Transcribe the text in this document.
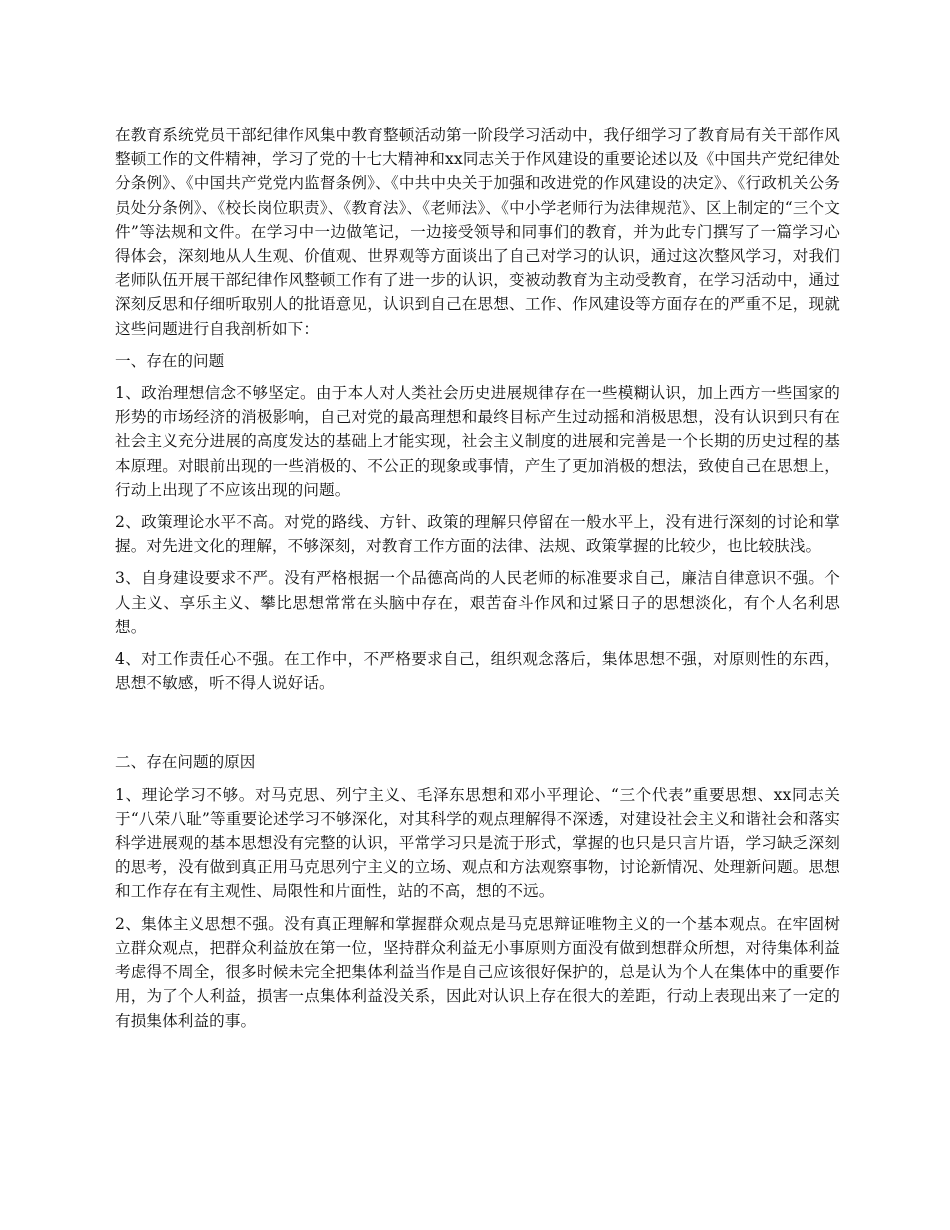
在教育系统党员干部纪律作风集中教育整顿活动第一阶段学习活动中，我仔细学习了教育局有关干部作风整顿工作的文件精神，学习了党的十七大精神和xx同志关于作风建设的重要论述以及《中国共产党纪律处分条例》、《中国共产党党内监督条例》、《中共中央关于加强和改进党的作风建设的决定》、《行政机关公务员处分条例》、《校长岗位职责》、《教育法》、《老师法》、《中小学老师行为法律规范》、区上制定的“三个文件”等法规和文件。在学习中一边做笔记，一边接受领导和同事们的教育，并为此专门撰写了一篇学习心得体会，深刻地从人生观、价值观、世界观等方面谈出了自己对学习的认识，通过这次整风学习，对我们老师队伍开展干部纪律作风整顿工作有了进一步的认识，变被动教育为主动受教育，在学习活动中，通过深刻反思和仔细听取别人的批语意见，认识到自己在思想、工作、作风建设等方面存在的严重不足，现就这些问题进行自我剖析如下：

一、存在的问题

1、政治理想信念不够坚定。由于本人对人类社会历史进展规律存在一些模糊认识，加上西方一些国家的形势的市场经济的消极影响，自己对党的最高理想和最终目标产生过动摇和消极思想，没有认识到只有在社会主义充分进展的高度发达的基础上才能实现，社会主义制度的进展和完善是一个长期的历史过程的基本原理。对眼前出现的一些消极的、不公正的现象或事情，产生了更加消极的想法，致使自己在思想上，行动上出现了不应该出现的问题。

2、政策理论水平不高。对党的路线、方针、政策的理解只停留在一般水平上，没有进行深刻的讨论和掌握。对先进文化的理解，不够深刻，对教育工作方面的法律、法规、政策掌握的比较少，也比较肤浅。

3、自身建设要求不严。没有严格根据一个品德高尚的人民老师的标准要求自己，廉洁自律意识不强。个人主义、享乐主义、攀比思想常常在头脑中存在，艰苦奋斗作风和过紧日子的思想淡化，有个人名利思想。

4、对工作责任心不强。在工作中，不严格要求自己，组织观念落后，集体思想不强，对原则性的东西，思想不敏感，听不得人说好话。

二、存在问题的原因

1、理论学习不够。对马克思、列宁主义、毛泽东思想和邓小平理论、“三个代表”重要思想、xx同志关于“八荣八耻”等重要论述学习不够深化，对其科学的观点理解得不深透，对建设社会主义和谐社会和落实科学进展观的基本思想没有完整的认识，平常学习只是流于形式，掌握的也只是只言片语，学习缺乏深刻的思考，没有做到真正用马克思列宁主义的立场、观点和方法观察事物，讨论新情况、处理新问题。思想和工作存在有主观性、局限性和片面性，站的不高，想的不远。

2、集体主义思想不强。没有真正理解和掌握群众观点是马克思辩证唯物主义的一个基本观点。在牢固树立群众观点，把群众利益放在第一位，坚持群众利益无小事原则方面没有做到想群众所想，对待集体利益考虑得不周全，很多时候未完全把集体利益当作是自己应该很好保护的，总是认为个人在集体中的重要作用，为了个人利益，损害一点集体利益没关系，因此对认识上存在很大的差距，行动上表现出来了一定的有损集体利益的事。
